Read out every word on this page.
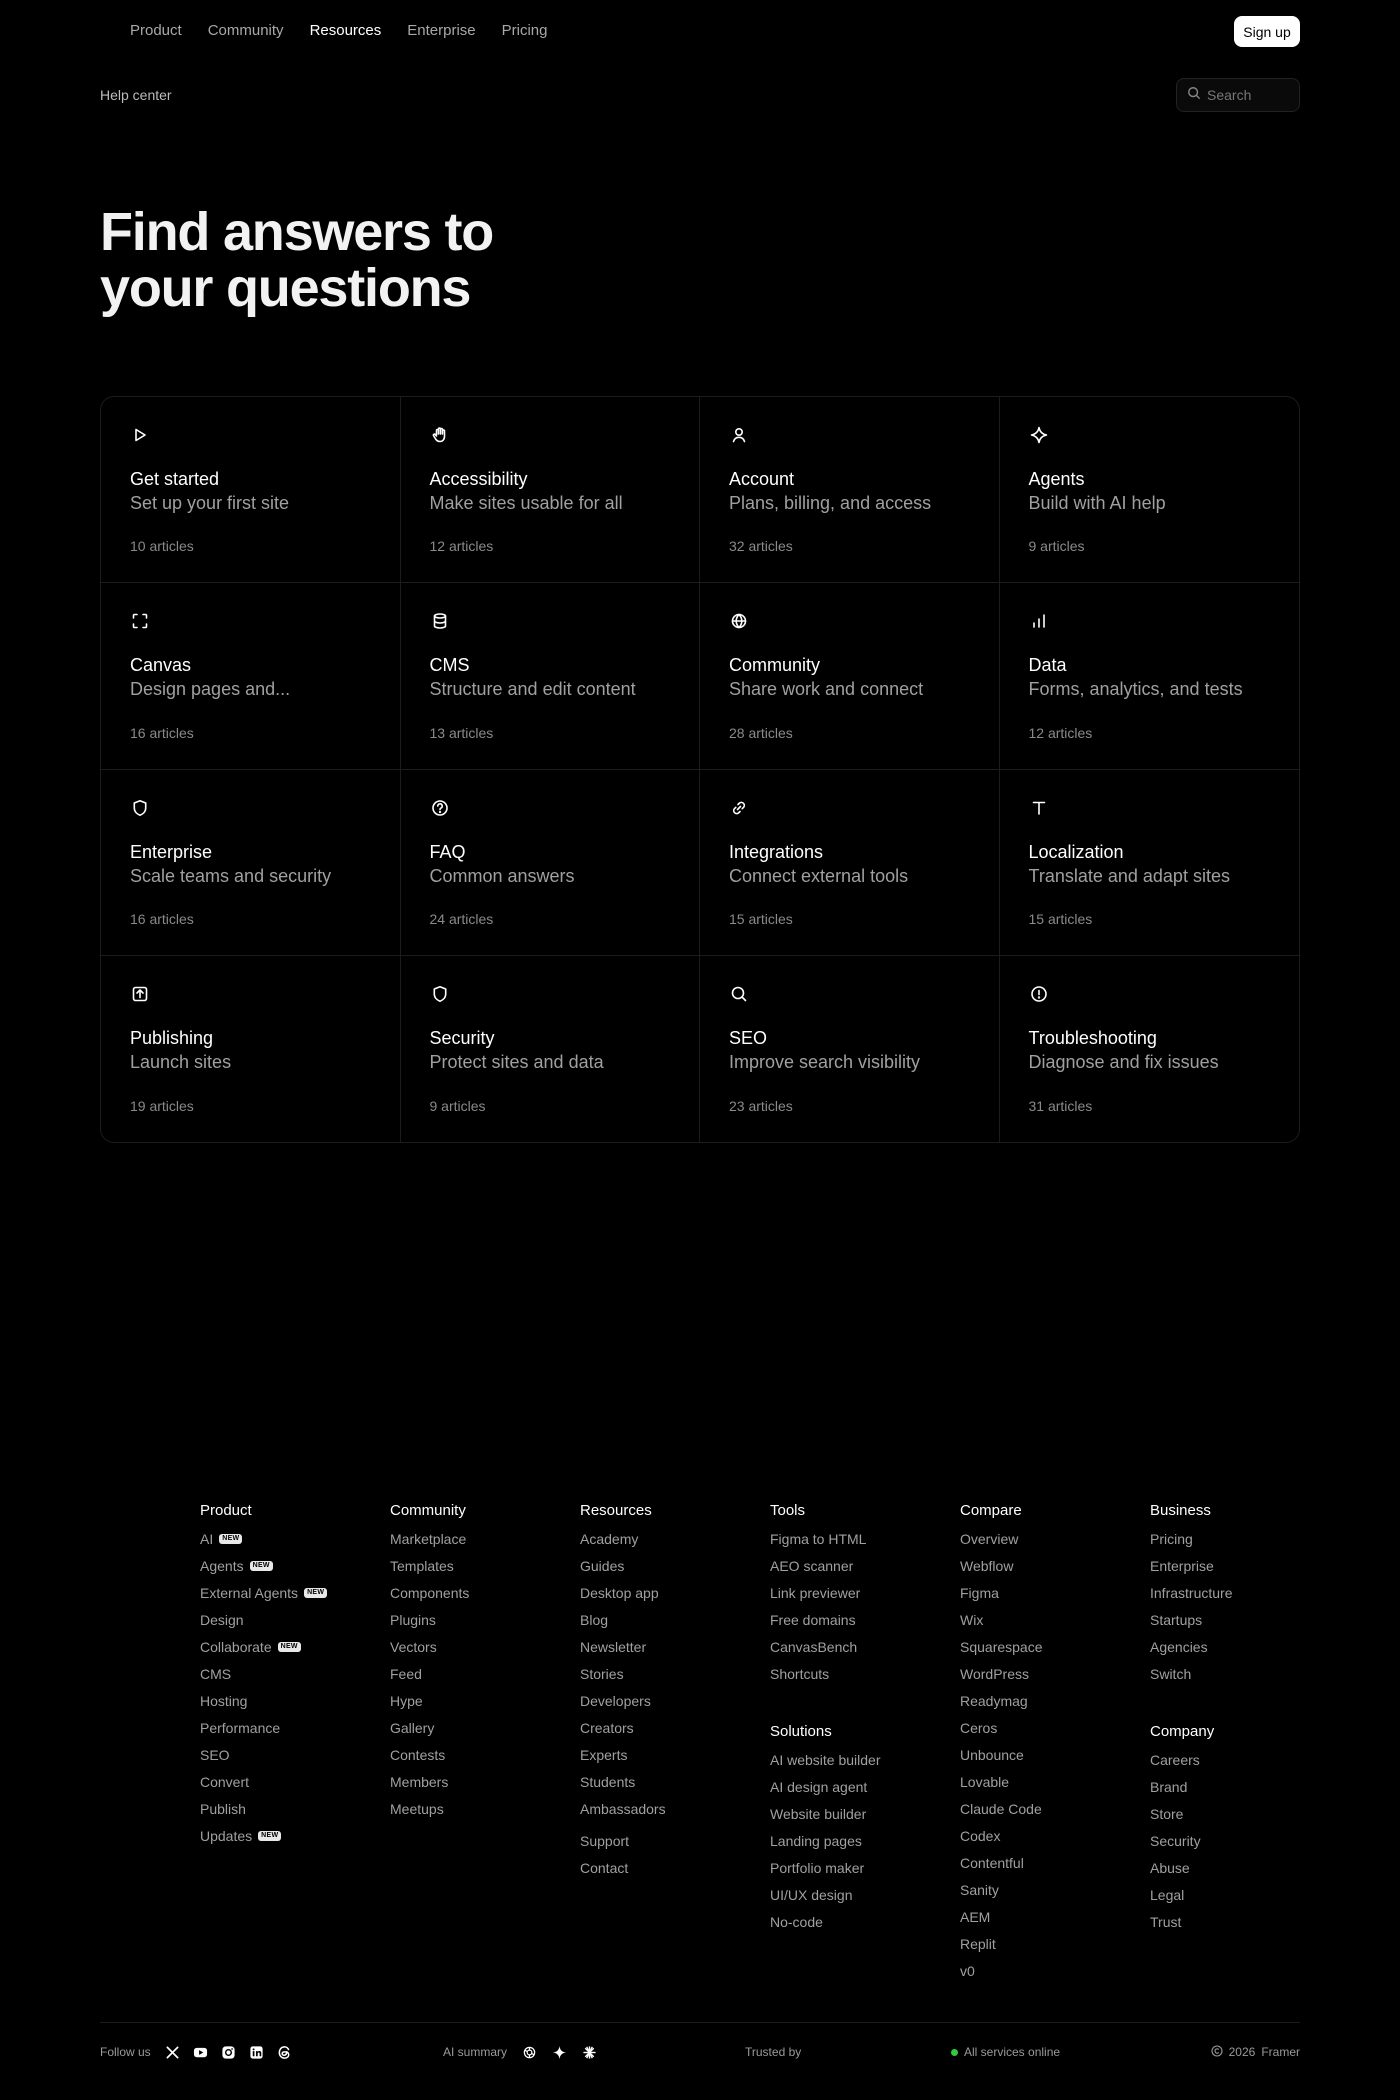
Product Community Resources Enterprise Pricing	Sign up
Help center	Search
Find answers to
your questions
Get started
Set up your first site
10 articles
Accessibility
Make sites usable for all
12 articles
Account
Plans, billing, and access
32 articles
Agents
Build with AI help
9 articles
Canvas
Design pages and...
16 articles
CMS
Structure and edit content
13 articles
Community
Share work and connect
28 articles
Data
Forms, analytics, and tests
12 articles
Enterprise
Scale teams and security
16 articles
FAQ
Common answers
24 articles
Integrations
Connect external tools
15 articles
Localization
Translate and adapt sites
15 articles
Publishing
Launch sites
19 articles
Security
Protect sites and data
9 articles
SEO
Improve search visibility
23 articles
Troubleshooting
Diagnose and fix issues
31 articles
Product
AI	NEW
Agents	NEW
External Agents	NEW
Design
Collaborate	NEW
CMS
Hosting
Performance
SEO
Convert
Publish
Updates	NEW
Community
Marketplace
Templates
Components
Plugins
Vectors
Feed
Hype
Gallery
Contests
Members
Meetups
Resources
Academy
Guides
Desktop app
Blog
Newsletter
Stories
Developers
Creators
Experts
Students
Ambassadors
Support
Contact
Tools
Figma to HTML
AEO scanner
Link previewer
Free domains
CanvasBench
Shortcuts
Solutions
AI website builder
AI design agent
Website builder
Landing pages
Portfolio maker
UI/UX design
No-code
Compare
Overview
Webflow
Figma
Wix
Squarespace
WordPress
Readymag
Ceros
Unbounce
Lovable
Claude Code
Codex
Contentful
Sanity
AEM
Replit
v0
Business
Pricing
Enterprise
Infrastructure
Startups
Agencies
Switch
Company
Careers
Brand
Store
Security
Abuse
Legal
Trust
Follow us	AI summary	Trusted by	All services online	2026 Framer
